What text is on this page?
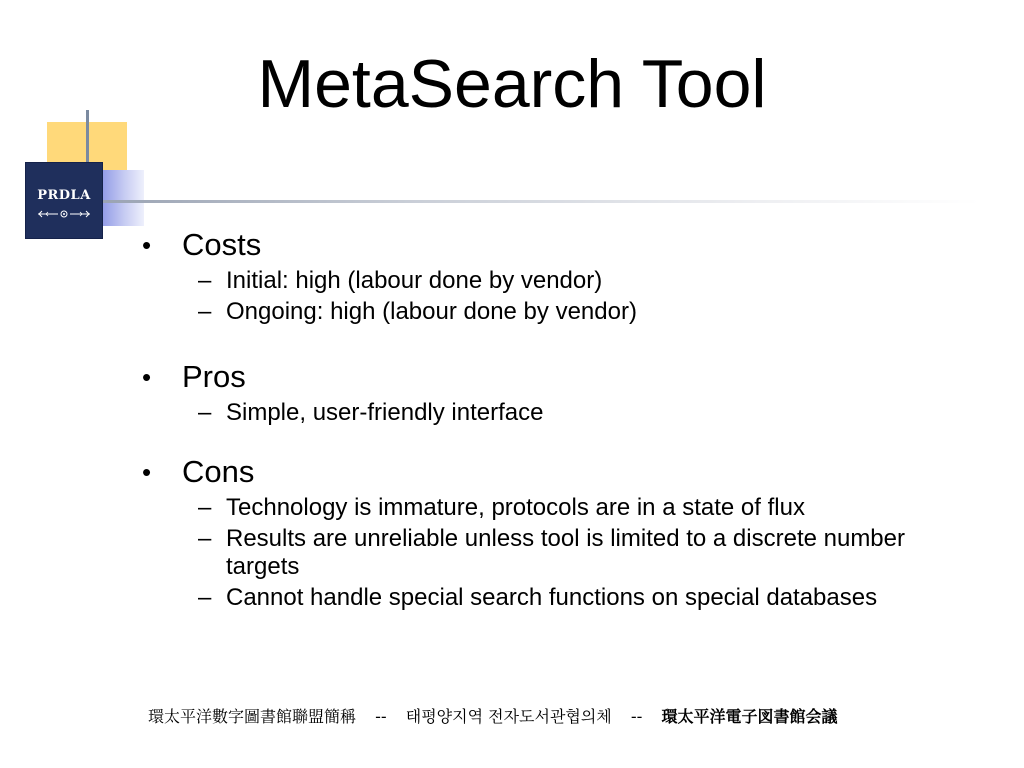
PRDLA
MetaSearch Tool
• Costs
– Initial: high (labour done by vendor)
– Ongoing: high (labour done by vendor)
• Pros
– Simple, user-friendly interface
• Cons
– Technology is immature, protocols are in a state of flux
– Results are unreliable unless tool is limited to a discrete number targets
– Cannot handle special search functions on special databases
環太平洋數字圖書館聯盟簡稱 -- 태평양지역 전자도서관협의체 -- 環太平洋電子図書館会議
